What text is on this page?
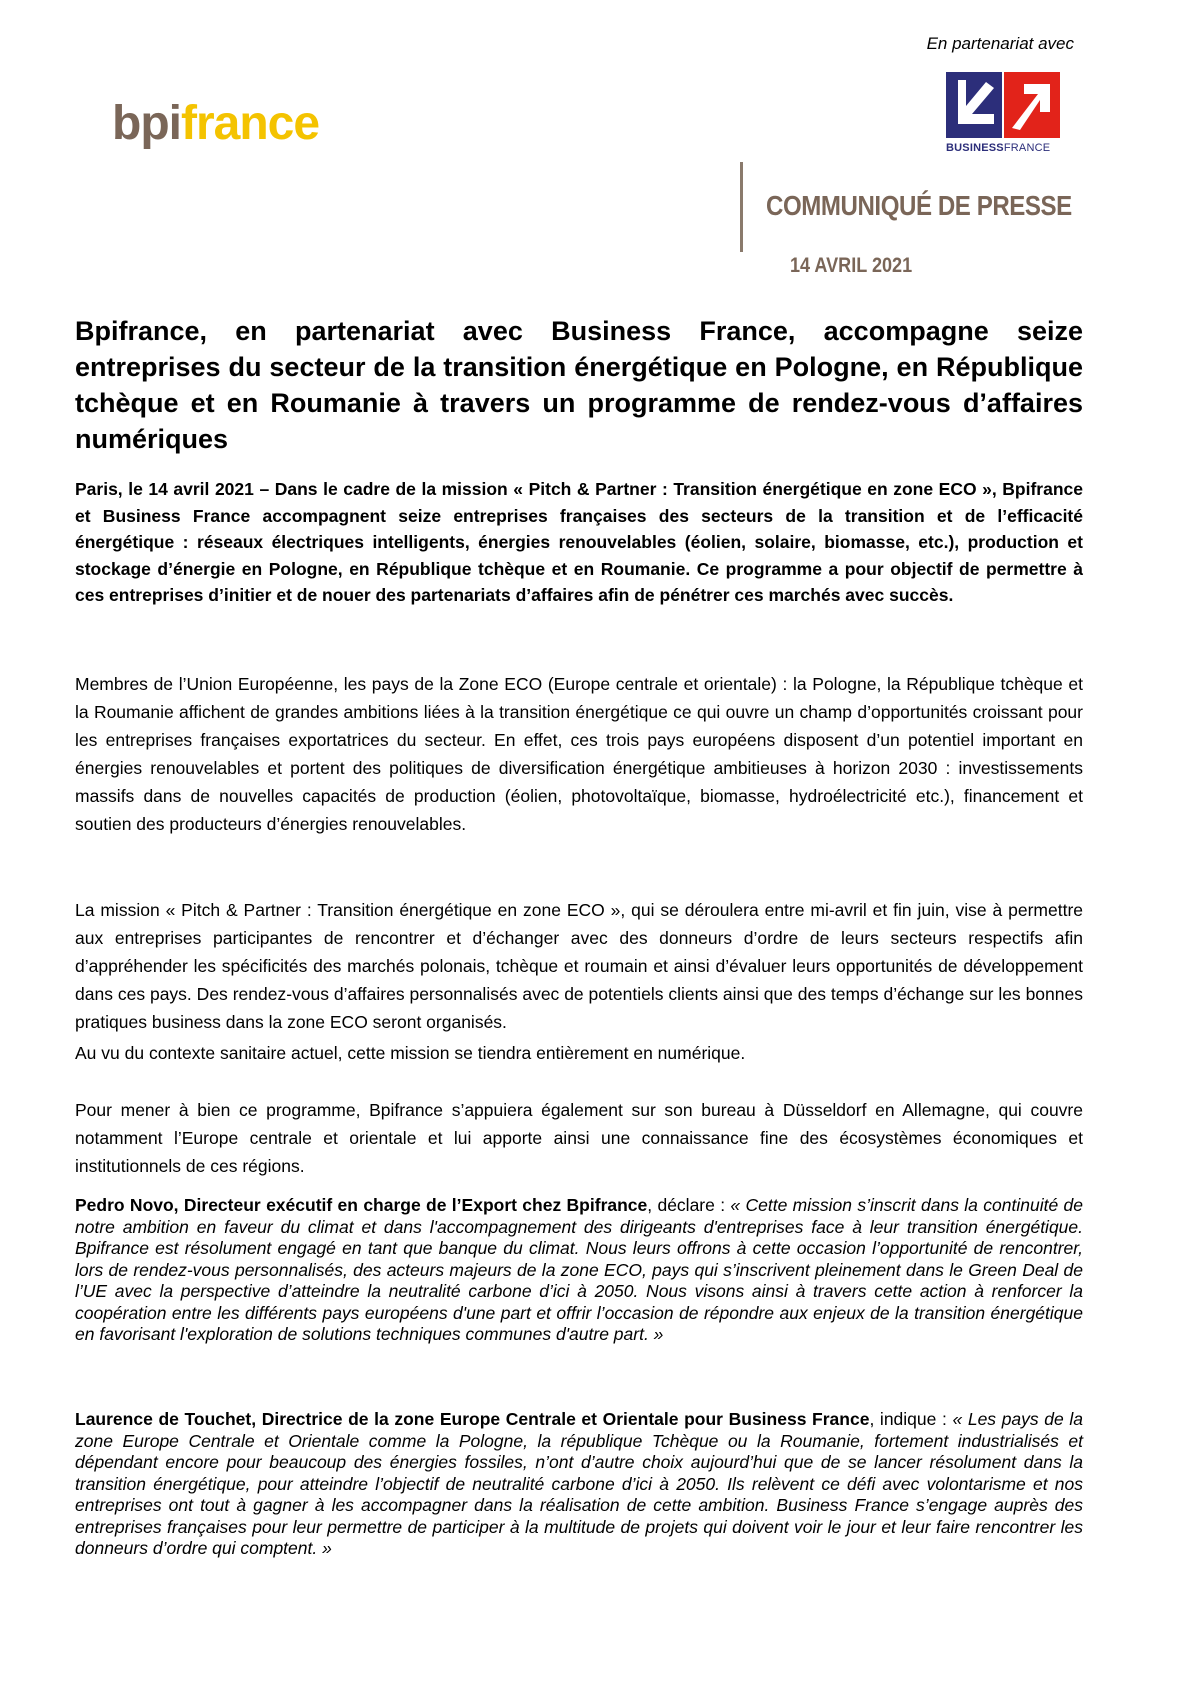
En partenariat avec
bpifrance	BUSINESSFRANCE
COMMUNIQUÉ DE PRESSE
14 AVRIL 2021
Bpifrance, en partenariat avec Business France, accompagne seize entreprises du secteur de la transition énergétique en Pologne, en République tchèque et en Roumanie à travers un programme de rendez-vous d’affaires numériques

Paris, le 14 avril 2021 – Dans le cadre de la mission « Pitch & Partner : Transition énergétique en zone ECO », Bpifrance et Business France accompagnent seize entreprises françaises des secteurs de la transition et de l’efficacité énergétique : réseaux électriques intelligents, énergies renouvelables (éolien, solaire, biomasse, etc.), production et stockage d’énergie en Pologne, en République tchèque et en Roumanie. Ce programme a pour objectif de permettre à ces entreprises d’initier et de nouer des partenariats d’affaires afin de pénétrer ces marchés avec succès.

Membres de l’Union Européenne, les pays de la Zone ECO (Europe centrale et orientale) : la Pologne, la République tchèque et la Roumanie affichent de grandes ambitions liées à la transition énergétique ce qui ouvre un champ d’opportunités croissant pour les entreprises françaises exportatrices du secteur. En effet, ces trois pays européens disposent d’un potentiel important en énergies renouvelables et portent des politiques de diversification énergétique ambitieuses à horizon 2030 : investissements massifs dans de nouvelles capacités de production (éolien, photovoltaïque, biomasse, hydroélectricité etc.), financement et soutien des producteurs d’énergies renouvelables.

La mission « Pitch & Partner : Transition énergétique en zone ECO », qui se déroulera entre mi-avril et fin juin, vise à permettre aux entreprises participantes de rencontrer et d’échanger avec des donneurs d’ordre de leurs secteurs respectifs afin d’appréhender les spécificités des marchés polonais, tchèque et roumain et ainsi d’évaluer leurs opportunités de développement dans ces pays. Des rendez-vous d’affaires personnalisés avec de potentiels clients ainsi que des temps d’échange sur les bonnes pratiques business dans la zone ECO seront organisés.

Au vu du contexte sanitaire actuel, cette mission se tiendra entièrement en numérique.

Pour mener à bien ce programme, Bpifrance s’appuiera également sur son bureau à Düsseldorf en Allemagne, qui couvre notamment l’Europe centrale et orientale et lui apporte ainsi une connaissance fine des écosystèmes économiques et institutionnels de ces régions.

Pedro Novo, Directeur exécutif en charge de l’Export chez Bpifrance, déclare : « Cette mission s’inscrit dans la continuité de notre ambition en faveur du climat et dans l'accompagnement des dirigeants d'entreprises face à leur transition énergétique. Bpifrance est résolument engagé en tant que banque du climat. Nous leurs offrons à cette occasion l’opportunité de rencontrer, lors de rendez-vous personnalisés, des acteurs majeurs de la zone ECO, pays qui s’inscrivent pleinement dans le Green Deal de l’UE avec la perspective d’atteindre la neutralité carbone d’ici à 2050. Nous visons ainsi à travers cette action à renforcer la coopération entre les différents pays européens d'une part et offrir l’occasion de répondre aux enjeux de la transition énergétique en favorisant l'exploration de solutions techniques communes d'autre part. »

Laurence de Touchet, Directrice de la zone Europe Centrale et Orientale pour Business France, indique : « Les pays de la zone Europe Centrale et Orientale comme la Pologne, la république Tchèque ou la Roumanie, fortement industrialisés et dépendant encore pour beaucoup des énergies fossiles, n’ont d’autre choix aujourd’hui que de se lancer résolument dans la transition énergétique, pour atteindre l’objectif de neutralité carbone d’ici à 2050. Ils relèvent ce défi avec volontarisme et nos entreprises ont tout à gagner à les accompagner dans la réalisation de cette ambition. Business France s’engage auprès des entreprises françaises pour leur permettre de participer à la multitude de projets qui doivent voir le jour et leur faire rencontrer les donneurs d’ordre qui comptent. »
